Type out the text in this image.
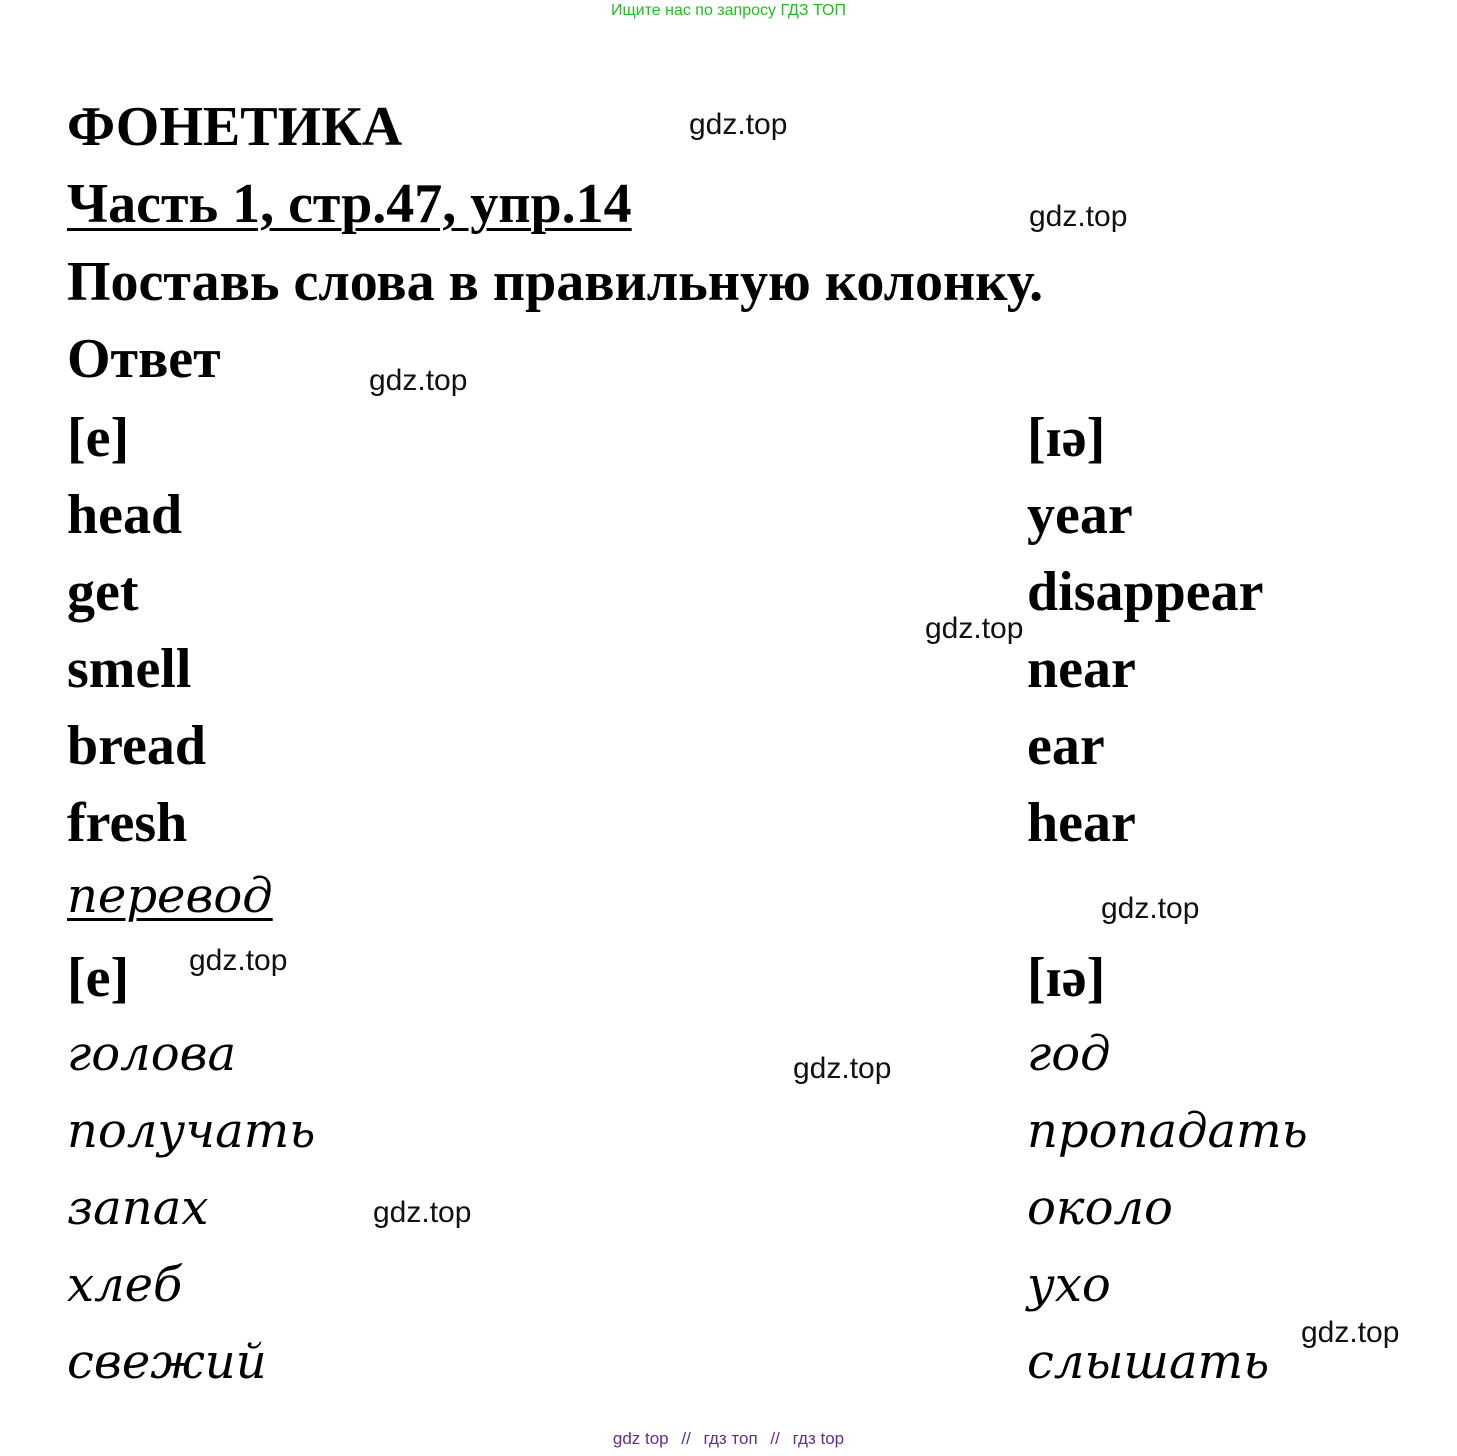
Ищите нас по запросу ГДЗ ТОП
ФОНЕТИКА
Часть 1, стр.47, упр.14
Поставь слова в правильную колонку.
Ответ
[e]	[ɪə]
head
get
smell
bread
fresh
year
disappear
near
ear
hear
перевод
[e]	[ɪə]
голова
получать
запах
хлеб
свежий
год
пропадать
около
ухо
слышать
gdz.top
gdz.top
gdz.top
gdz.top
gdz.top
gdz.top
gdz.top
gdz.top
gdz.top
gdz top // гдз топ // гдз top
